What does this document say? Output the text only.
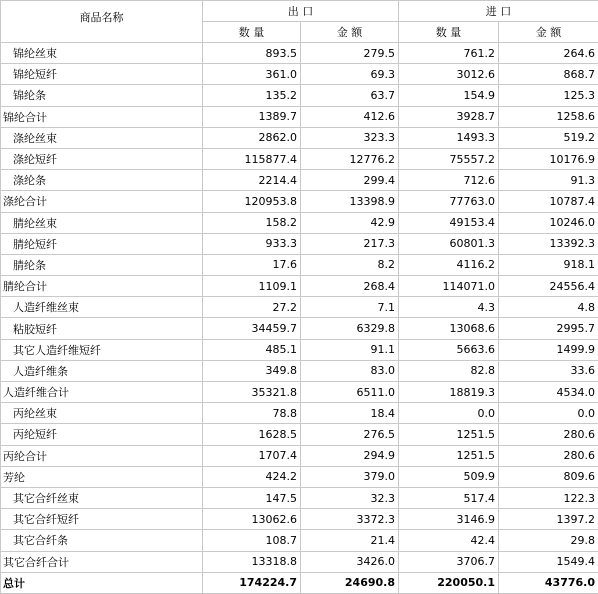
商品名称	出 口		进 口	
	数 量	金 额	数 量	金 额
锦纶丝束	893.5	279.5	761.2	264.6
锦纶短纤	361.0	69.3	3012.6	868.7
锦纶条	135.2	63.7	154.9	125.3
锦纶合计	1389.7	412.6	3928.7	1258.6
涤纶丝束	2862.0	323.3	1493.3	519.2
涤纶短纤	115877.4	12776.2	75557.2	10176.9
涤纶条	2214.4	299.4	712.6	91.3
涤纶合计	120953.8	13398.9	77763.0	10787.4
腈纶丝束	158.2	42.9	49153.4	10246.0
腈纶短纤	933.3	217.3	60801.3	13392.3
腈纶条	17.6	8.2	4116.2	918.1
腈纶合计	1109.1	268.4	114071.0	24556.4
人造纤维丝束	27.2	7.1	4.3	4.8
粘胶短纤	34459.7	6329.8	13068.6	2995.7
其它人造纤维短纤	485.1	91.1	5663.6	1499.9
人造纤维条	349.8	83.0	82.8	33.6
人造纤维合计	35321.8	6511.0	18819.3	4534.0
丙纶丝束	78.8	18.4	0.0	0.0
丙纶短纤	1628.5	276.5	1251.5	280.6
丙纶合计	1707.4	294.9	1251.5	280.6
芳纶	424.2	379.0	509.9	809.6
其它合纤丝束	147.5	32.3	517.4	122.3
其它合纤短纤	13062.6	3372.3	3146.9	1397.2
其它合纤条	108.7	21.4	42.4	29.8
其它合纤合计	13318.8	3426.0	3706.7	1549.4
总计	174224.7	24690.8	220050.1	43776.0
